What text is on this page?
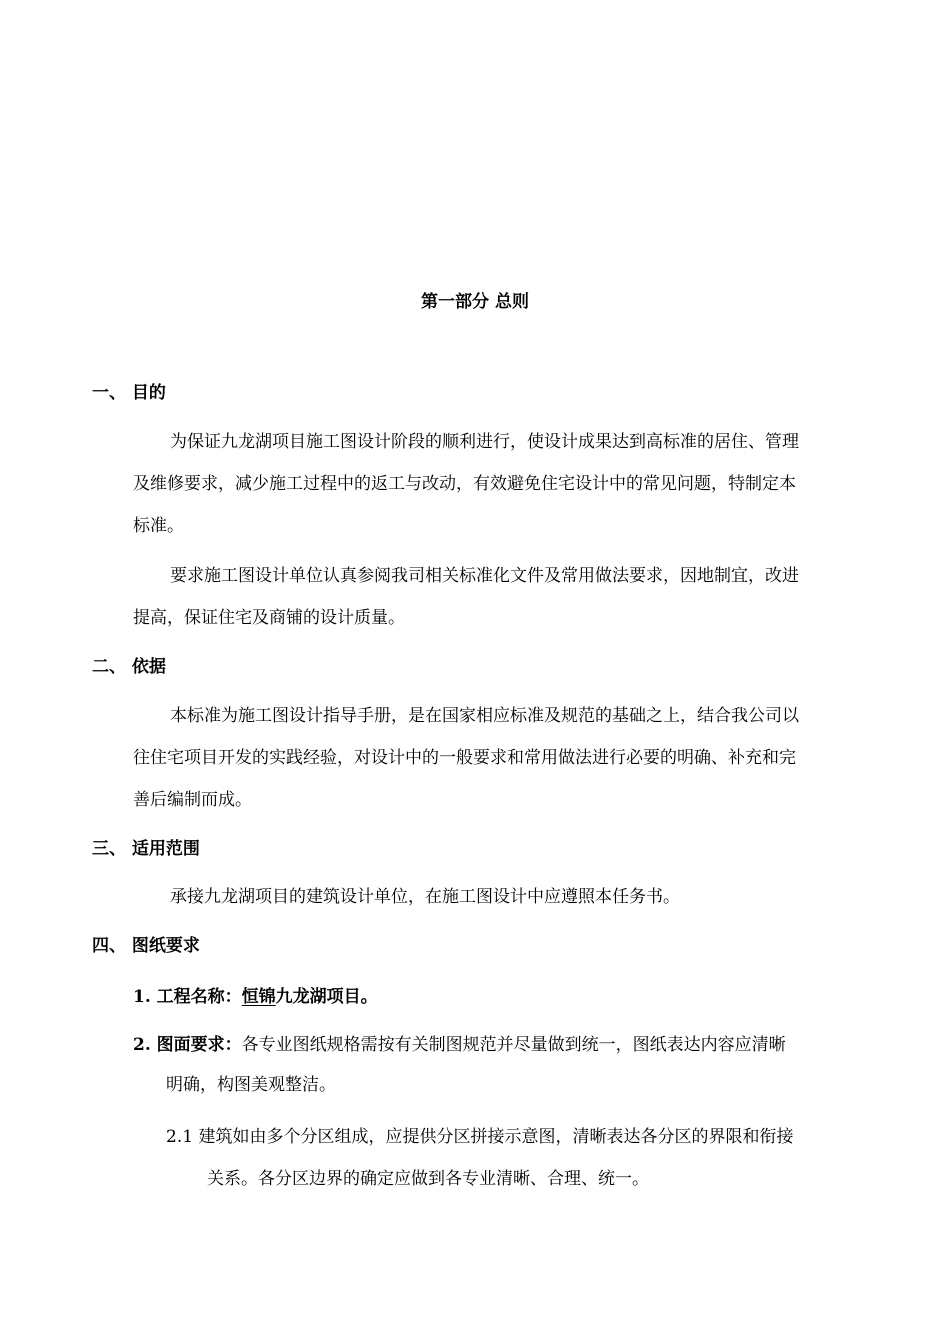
第一部分 总则
一、 目的
为保证九龙湖项目施工图设计阶段的顺利进行，使设计成果达到高标准的居住、管理
及维修要求，减少施工过程中的返工与改动，有效避免住宅设计中的常见问题，特制定本
标准。
要求施工图设计单位认真参阅我司相关标准化文件及常用做法要求，因地制宜，改进
提高，保证住宅及商铺的设计质量。
二、 依据
本标准为施工图设计指导手册，是在国家相应标准及规范的基础之上，结合我公司以
往住宅项目开发的实践经验，对设计中的一般要求和常用做法进行必要的明确、补充和完
善后编制而成。
三、 适用范围
承接九龙湖项目的建筑设计单位，在施工图设计中应遵照本任务书。
四、 图纸要求
1. 工程名称：恒锦九龙湖项目。
2. 图面要求：各专业图纸规格需按有关制图规范并尽量做到统一，图纸表达内容应清晰
明确，构图美观整洁。
2.1 建筑如由多个分区组成，应提供分区拼接示意图，清晰表达各分区的界限和衔接
关系。各分区边界的确定应做到各专业清晰、合理、统一。
